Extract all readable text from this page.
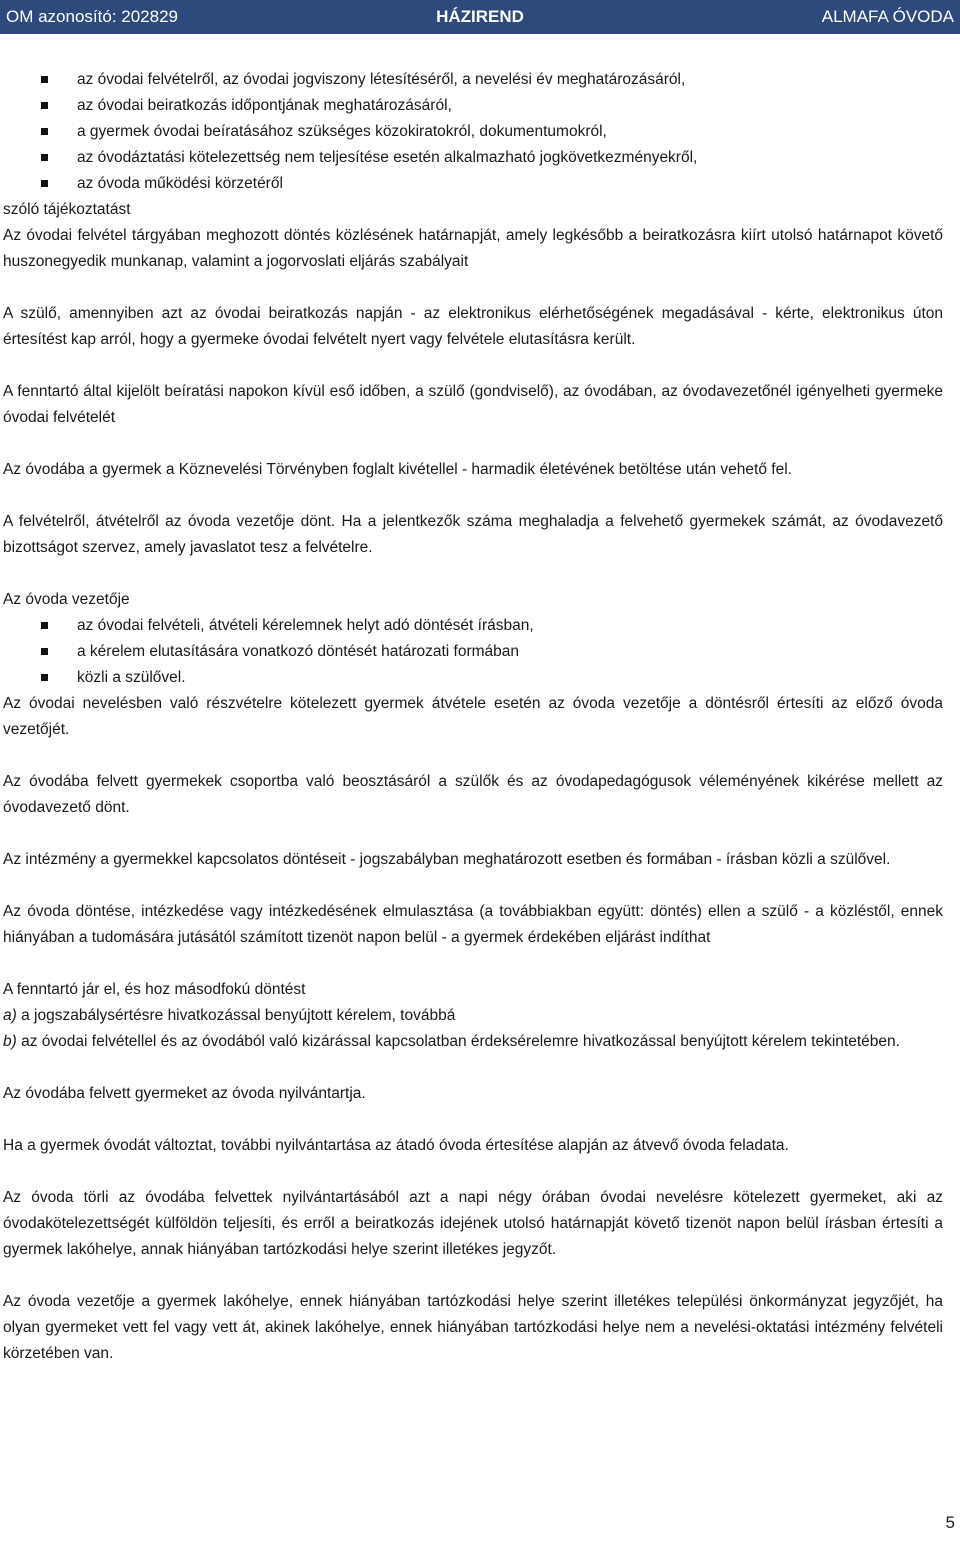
OM azonosító: 202829	HÁZIREND	ALMAFA ÓVODA
az óvodai felvételről, az óvodai jogviszony létesítéséről, a nevelési év meghatározásáról,
az óvodai beiratkozás időpontjának meghatározásáról,
a gyermek óvodai beíratásához szükséges közokiratokról, dokumentumokról,
az óvodáztatási kötelezettség nem teljesítése esetén alkalmazható jogkövetkezményekről,
az óvoda működési körzetéről

szóló tájékoztatást

Az óvodai felvétel tárgyában meghozott döntés közlésének határnapját, amely legkésőbb a beiratkozásra kiírt utolsó határnapot követő huszonegyedik munkanap, valamint a jogorvoslati eljárás szabályait

A szülő, amennyiben azt az óvodai beiratkozás napján - az elektronikus elérhetőségének megadásával - kérte, elektronikus úton értesítést kap arról, hogy a gyermeke óvodai felvételt nyert vagy felvétele elutasításra került.

A fenntartó által kijelölt beíratási napokon kívül eső időben, a szülő (gondviselő), az óvodában, az óvodavezetőnél igényelheti gyermeke óvodai felvételét

Az óvodába a gyermek a Köznevelési Törvényben foglalt kivétellel - harmadik életévének betöltése után vehető fel.

A felvételről, átvételről az óvoda vezetője dönt. Ha a jelentkezők száma meghaladja a felvehető gyermekek számát, az óvodavezető bizottságot szervez, amely javaslatot tesz a felvételre.

Az óvoda vezetője

az óvodai felvételi, átvételi kérelemnek helyt adó döntését írásban,
a kérelem elutasítására vonatkozó döntését határozati formában
közli a szülővel.

Az óvodai nevelésben való részvételre kötelezett gyermek átvétele esetén az óvoda vezetője a döntésről értesíti az előző óvoda vezetőjét.

Az óvodába felvett gyermekek csoportba való beosztásáról a szülők és az óvodapedagógusok véleményének kikérése mellett az óvodavezető dönt.

Az intézmény a gyermekkel kapcsolatos döntéseit - jogszabályban meghatározott esetben és formában - írásban közli a szülővel.

Az óvoda döntése, intézkedése vagy intézkedésének elmulasztása (a továbbiakban együtt: döntés) ellen a szülő - a közléstől, ennek hiányában a tudomására jutásától számított tizenöt napon belül - a gyermek érdekében eljárást indíthat

A fenntartó jár el, és hoz másodfokú döntést

a) a jogszabálysértésre hivatkozással benyújtott kérelem, továbbá

b) az óvodai felvétellel és az óvodából való kizárással kapcsolatban érdeksérelemre hivatkozással benyújtott kérelem tekintetében.

Az óvodába felvett gyermeket az óvoda nyilvántartja.

Ha a gyermek óvodát változtat, további nyilvántartása az átadó óvoda értesítése alapján az átvevő óvoda feladata.

Az óvoda törli az óvodába felvettek nyilvántartásából azt a napi négy órában óvodai nevelésre kötelezett gyermeket, aki az óvodakötelezettségét külföldön teljesíti, és erről a beiratkozás idejének utolsó határnapját követő tizenöt napon belül írásban értesíti a gyermek lakóhelye, annak hiányában tartózkodási helye szerint illetékes jegyzőt.

Az óvoda vezetője a gyermek lakóhelye, ennek hiányában tartózkodási helye szerint illetékes települési önkormányzat jegyzőjét, ha olyan gyermeket vett fel vagy vett át, akinek lakóhelye, ennek hiányában tartózkodási helye nem a nevelési-oktatási intézmény felvételi körzetében van.

5
